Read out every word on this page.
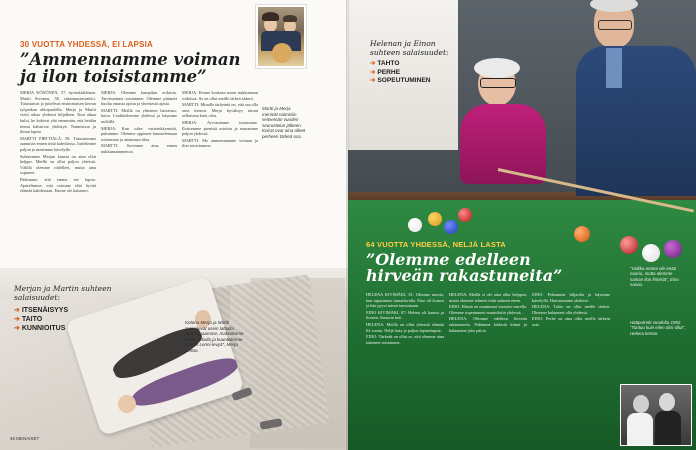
30 VUOTTA YHDESSÄ, EI LAPSIA
”Ammennamme voiman ja ilon toisistamme”
Martti ja Merja menivät naimisiin seitsemän vuoden seurustelun jälkeen. Koirat ovat aina olleet perheen tärkeä osa.

MERJA KÖNÖNEN, 57, hyvinkääläinen. Martti Sivonen, 58, rakennusinsinööri. Tutustuivat ja juttelivat ensimmäisen kerran työpaikan ulkopuolella. Merja ja Martti vietti aikaa yhdessä hiljalleen. Kun aikaa kului, he kokivat yhä enemmän, että heidän tiensä halusivat yhdistyä. Naimisissa ja ilman lapsia.

MARTTI PIRTTIÄLÄ, 58: Tutustuimme aamuisin ennen töitä kahvilassa. Juttelimme paljon ja menimme kävelylle.

Suhteemme Merjan kanssa on aina ollut helppo. Meillä on ollut paljon yhteistä. Välillä olemme riidelleet, mutta aina sopineet.

Päätimme, että emme tee lapsia. Ajattelimme, että voimme elää hyvää elämää kahdestaan. Emme ole katuneet.

MERJA: Olemme kumpikin erilaisia. Tarvitsemme toisiamme. Olemme pitäneet huolta omasta ajasta ja yhteisestä ajasta.

MARTTI: Meillä on yhteinen harrastus, koira. Lenkkeilemme yhdessä ja käymme mökillä.

MERJA: Kun tulee vastoinkäymisiä, puhumme. Olemme oppineet kuuntelemaan toisiamme ja antamaan tilaa.

MARTTI: Sovimme aina ennen nukkumaanmenoa.

MERJA: Emme koskaan mene nukkumaan riidoissa. Se on ollut meille tärkeä sääntö.

MARTTI: Minulle tärkeintä on, että saa olla oma itsensä. Merja hyväksyy minut sellaisena kuin olen.

MERJA: Arvostamme toisiamme. Iloitsemme pienistä asioista ja nauramme paljon yhdessä.

MARTTI: Me ammennamme voiman ja ilon toisistamme.

Kotona Merja ja Martti makoilevat usein lattialla. ”Kun tapaamme, makoilimme usein lattialla ja kuuntelimme Leevin Lenni-levyä”, Merja kertoo.
Merjan ja Martin suhteen salaisuudet:
➔ ITSENÄISYYS
➔ TAITO
➔ KUNNIOITUS
46 MENAISET
Helenan ja Einon suhteen salaisuudet:
➔ TAHTO
➔ PERHE
➔ SOPEUTUMINEN
64 VUOTTA YHDESSÄ, NELJÄ LASTA
”Olemme edelleen hirveän rakastuneita”

HELENA KIVIMÄKI, 81: Olimme nuoria, kun tapasimme tanssilavalla. Eino oli komea ja hän pyysi minut tanssimaan.

EINO KIVIMÄKI, 87: Helena oli kaunis ja iloinen. Ihastuin heti.

HELENA: Meillä on ollut yhteistä elämää 64 vuotta. Neljä lasta ja paljon lapsenlapsia.

EINO: Tärkeää on ollut se, että olemme aina tukeneet toisiamme.

HELENA: Meillä ei ole aina ollut helppoa, mutta olemme tehneet töitä suhteen eteen.

EINO: Elämä on muuttunut vuosien varrella. Olemme sopeutuneet muutoksiin yhdessä.

HELENA: Olemme edelleen hirveän rakastuneita. Pidämme kädestä kiinni ja halaamme joka päivä.

EINO: Pelaamme biljardia ja käymme kävelyllä. Harrastamme yhdessä.

HELENA: Tahto on ollut meille tärkeä. Olemme halunneet olla yhdessä.

EINO: Perhe on aina ollut meille tärkein asia.

”Vaikka emme ole enää nuoria, mutta olemme saman ilon ihmisiä”, Eino sanoo.
Hääpotretti vuodelta 1952. ”Tuntuu kuin eilen olisi ollut”, Helena kertoo.
